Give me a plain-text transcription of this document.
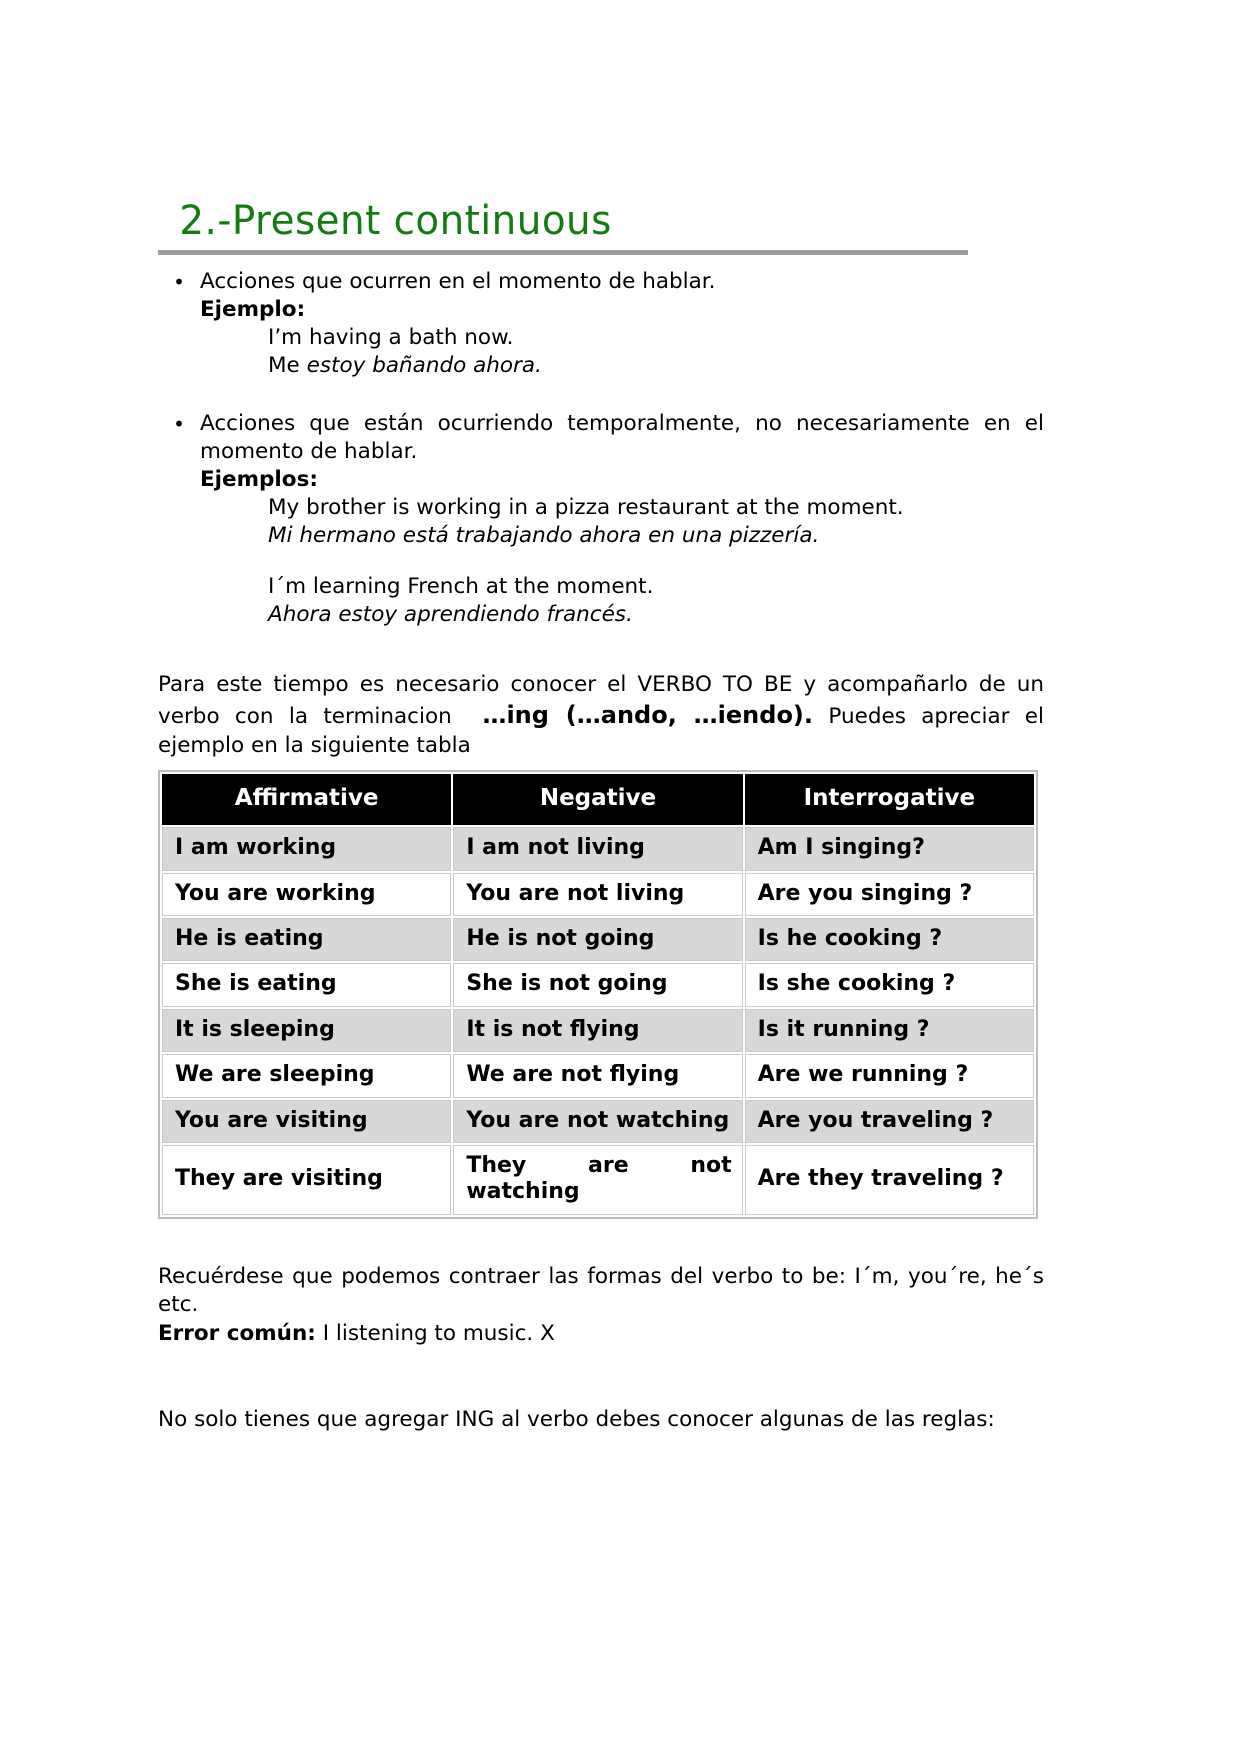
2.-Present continuous
• Acciones que ocurren en el momento de hablar.
Ejemplo:
I’m having a bath now.
Me estoy bañando ahora.
• Acciones que están ocurriendo temporalmente, no necesariamente en el momento de hablar.
Ejemplos:
My brother is working in a pizza restaurant at the moment.
Mi hermano está trabajando ahora en una pizzería.
I´m learning French at the moment.
Ahora estoy aprendiendo francés.
Para este tiempo es necesario conocer el VERBO TO BE y acompañarlo de un verbo con la terminacion …ing (…ando, …iendo). Puedes apreciar el ejemplo en la siguiente tabla
Affirmative	Negative	Interrogative
I am working	I am not living	Am I singing?
You are working	You are not living	Are you singing ?
He is eating	He is not going	Is he cooking ?
She is eating	She is not going	Is she cooking ?
It is sleeping	It is not flying	Is it running ?
We are sleeping	We are not flying	Are we running ?
You are visiting	You are not watching	Are you traveling ?
They are visiting	They are not watching	Are they traveling ?
Recuérdese que podemos contraer las formas del verbo to be: I´m, you´re, he´s etc.
Error común: I listening to music. X
No solo tienes que agregar ING al verbo debes conocer algunas de las reglas:
